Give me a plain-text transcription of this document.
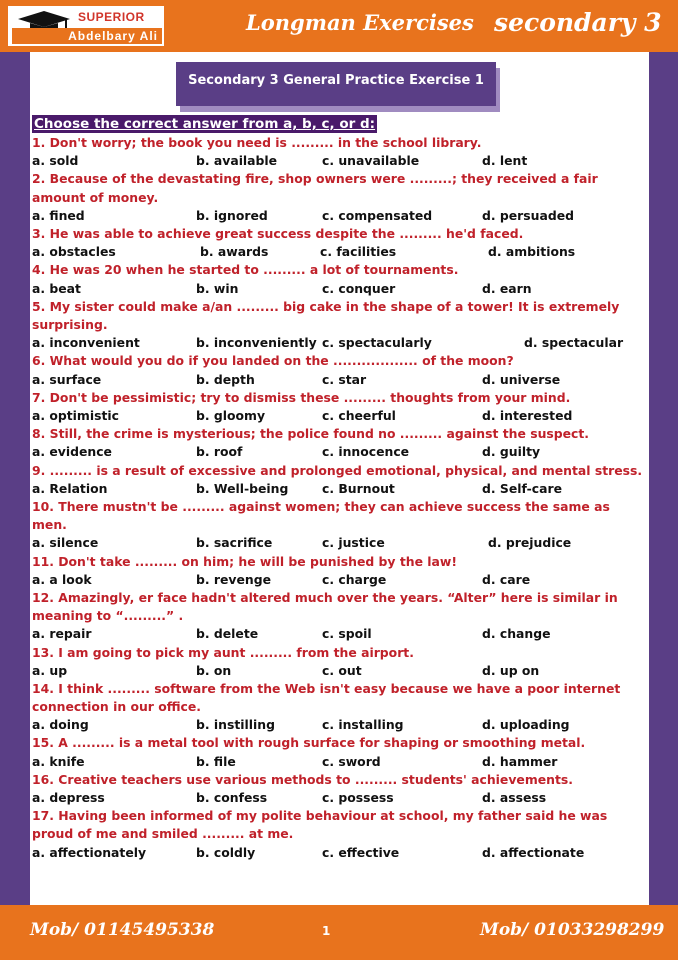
SUPERIOR
Abdelbary Ali
Longman Exercises secondary 3
Secondary 3 General Practice Exercise 1
Choose the correct answer from a, b, c, or d:
1. Don't worry; the book you need is ......... in the school library.
a. sold	b. available	c. unavailable	d. lent
2. Because of the devastating fire, shop owners were .........; they received a fair amount of money.
a. fined	b. ignored	c. compensated	d. persuaded
3. He was able to achieve great success despite the ......... he'd faced.
a. obstacles	b. awards	c. facilities	d. ambitions
4. He was 20 when he started to ......... a lot of tournaments.
a. beat	b. win	c. conquer	d. earn
5. My sister could make a/an ......... big cake in the shape of a tower! It is extremely surprising.
a. inconvenient	b. inconveniently c. spectacularly	d. spectacular
6. What would you do if you landed on the .................. of the moon?
a. surface	b. depth	c. star	d. universe
7. Don't be pessimistic; try to dismiss these ......... thoughts from your mind.
a. optimistic	b. gloomy	c. cheerful	d. interested
8. Still, the crime is mysterious; the police found no ......... against the suspect.
a. evidence	b. roof	c. innocence	d. guilty
9. ......... is a result of excessive and prolonged emotional, physical, and mental stress.
a. Relation	b. Well-being	c. Burnout	d. Self-care
10. There mustn't be ......... against women; they can achieve success the same as men.
a. silence	b. sacrifice	c. justice	d. prejudice
11. Don't take ......... on him; he will be punished by the law!
a. a look	b. revenge	c. charge	d. care
12. Amazingly, er face hadn't altered much over the years. “Alter” here is similar in meaning to “.........” .
a. repair	b. delete	c. spoil	d. change
13. I am going to pick my aunt ......... from the airport.
a. up	b. on	c. out	d. up on
14. I think ......... software from the Web isn't easy because we have a poor internet connection in our office.
a. doing	b. instilling	c. installing	d. uploading
15. A ......... is a metal tool with rough surface for shaping or smoothing metal.
a. knife	b. file	c. sword	d. hammer
16. Creative teachers use various methods to ......... students' achievements.
a. depress	b. confess	c. possess	d. assess
17. Having been informed of my polite behaviour at school, my father said he was proud of me and smiled ......... at me.
a. affectionately	b. coldly	c. effective	d. affectionate
Mob/ 01145495338	1	Mob/ 01033298299
